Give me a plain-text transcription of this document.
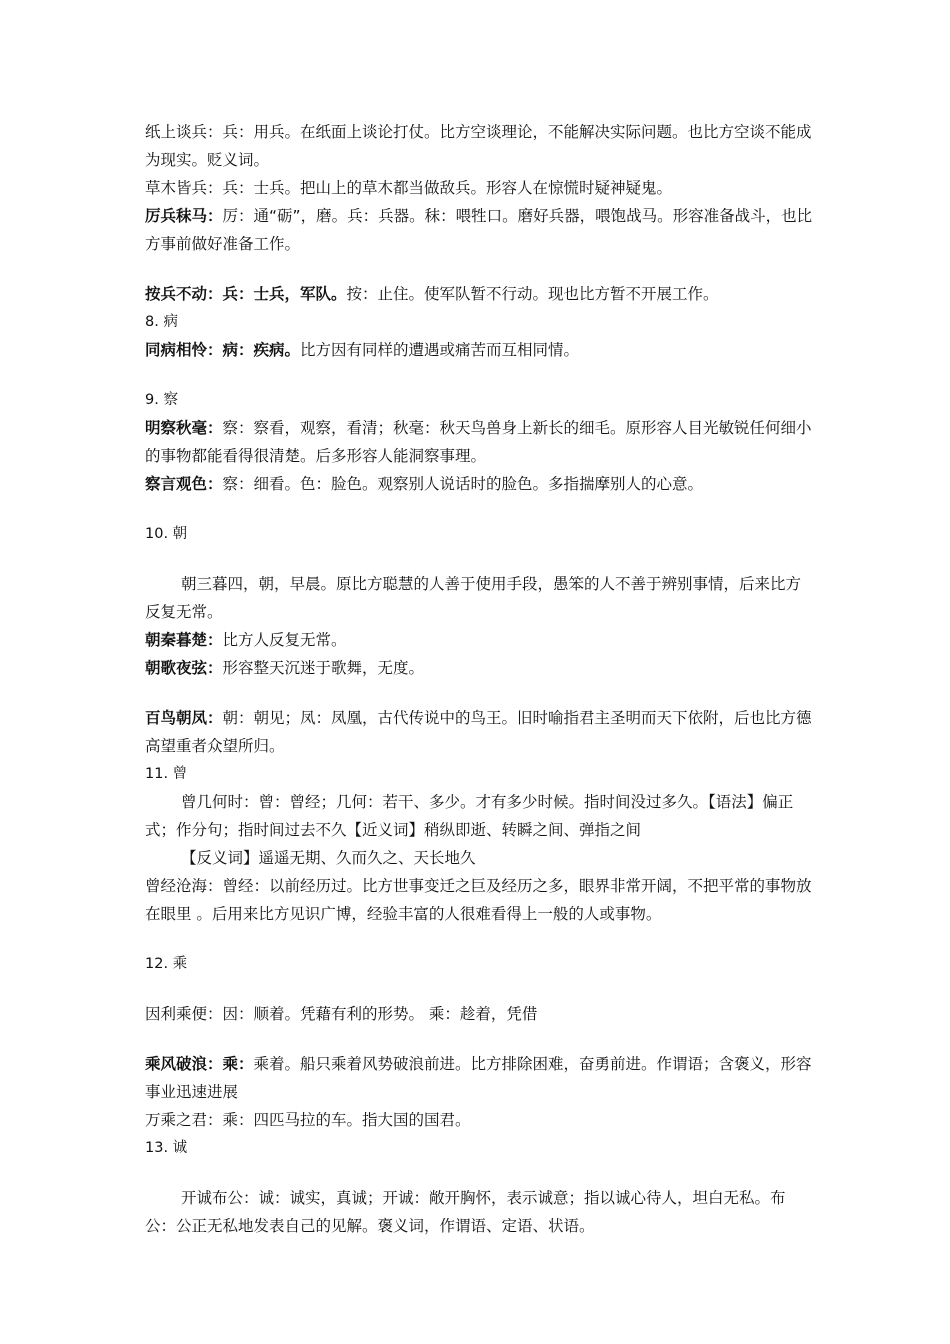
纸上谈兵：兵：用兵。在纸面上谈论打仗。比方空谈理论，不能解决实际问题。也比方空谈不能成为现实。贬义词。

草木皆兵：兵：士兵。把山上的草木都当做敌兵。形容人在惊慌时疑神疑鬼。

厉兵秣马：厉：通“砺”，磨。兵：兵器。秣：喂牲口。磨好兵器，喂饱战马。形容准备战斗，也比方事前做好准备工作。

按兵不动：兵：士兵，军队。按：止住。使军队暂不行动。现也比方暂不开展工作。

8. 病

同病相怜：病：疾病。比方因有同样的遭遇或痛苦而互相同情。

9. 察

明察秋毫：察：察看，观察，看清；秋毫：秋天鸟兽身上新长的细毛。原形容人目光敏锐任何细小的事物都能看得很清楚。后多形容人能洞察事理。

察言观色：察：细看。色：脸色。观察别人说话时的脸色。多指揣摩别人的心意。

10. 朝

朝三暮四，朝，早晨。原比方聪慧的人善于使用手段，愚笨的人不善于辨别事情，后来比方反复无常。

朝秦暮楚：比方人反复无常。

朝歌夜弦：形容整天沉迷于歌舞，无度。

百鸟朝凤：朝：朝见；凤：凤凰，古代传说中的鸟王。旧时喻指君主圣明而天下依附，后也比方德高望重者众望所归。

11. 曾

曾几何时：曾：曾经；几何：若干、多少。才有多少时候。指时间没过多久。【语法】偏正式；作分句；指时间过去不久【近义词】稍纵即逝、转瞬之间、弹指之间

【反义词】遥遥无期、久而久之、天长地久

曾经沧海：曾经：以前经历过。比方世事变迁之巨及经历之多，眼界非常开阔，不把平常的事物放在眼里 。后用来比方见识广博，经验丰富的人很难看得上一般的人或事物。

12. 乘

因利乘便：因：顺着。凭藉有利的形势。 乘：趁着，凭借

乘风破浪：乘：乘着。船只乘着风势破浪前进。比方排除困难，奋勇前进。作谓语；含褒义，形容事业迅速进展

万乘之君：乘：四匹马拉的车。指大国的国君。

13. 诚

开诚布公：诚：诚实，真诚；开诚：敞开胸怀，表示诚意；指以诚心待人，坦白无私。布公：公正无私地发表自己的见解。褒义词，作谓语、定语、状语。
